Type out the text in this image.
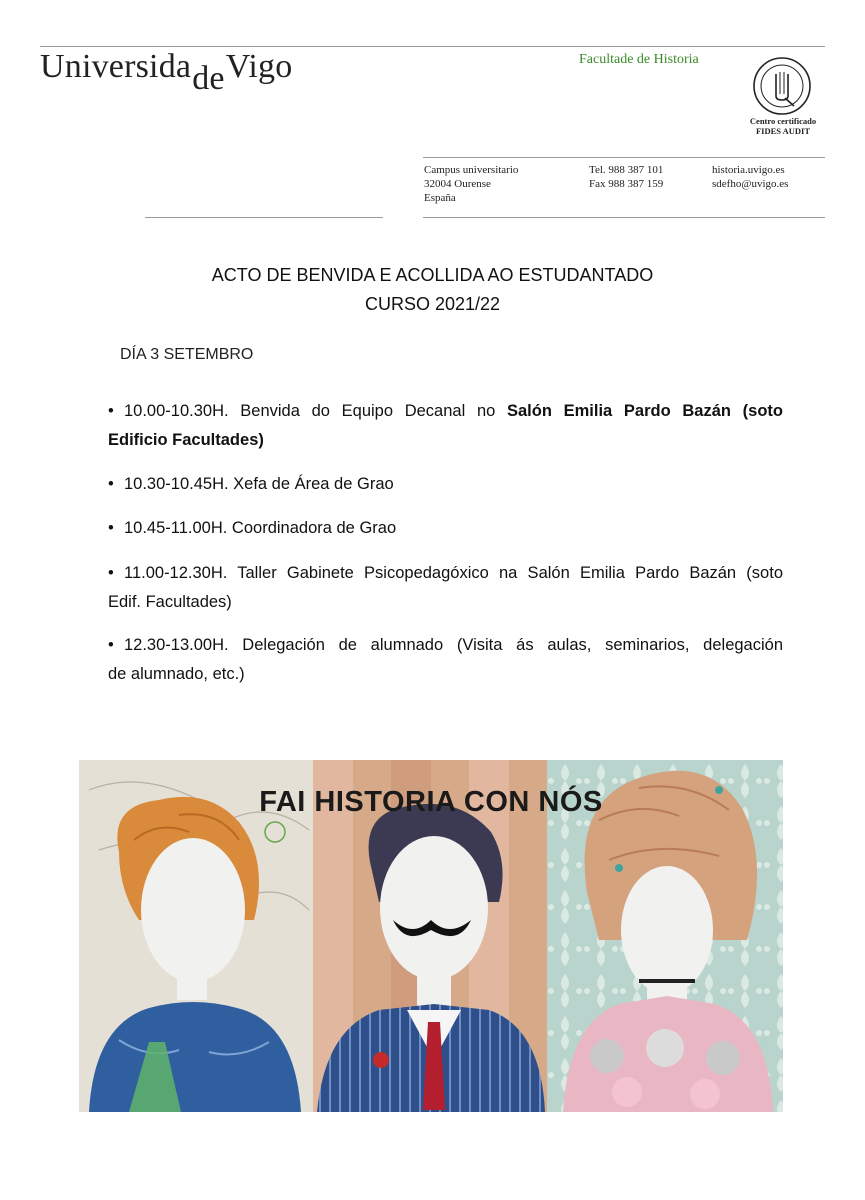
UniversidadeVigo	Facultade de Historia
Centro certificado
FIDES AUDIT
Campus universitario
32004 Ourense
España
Tel. 988 387 101
Fax 988 387 159
historia.uvigo.es
sdefho@uvigo.es
ACTO DE BENVIDA E ACOLLIDA AO ESTUDANTADO
CURSO 2021/22
DÍA 3 SETEMBRO
• 10.00-10.30H. Benvida do Equipo Decanal no Salón Emilia Pardo Bazán (soto
Edificio Facultades)
• 10.30-10.45H. Xefa de Área de Grao
• 10.45-11.00H. Coordinadora de Grao
• 11.00-12.30H. Taller Gabinete Psicopedagóxico na Salón Emilia Pardo Bazán (soto
Edif. Facultades)
• 12.30-13.00H. Delegación de alumnado (Visita ás aulas, seminarios, delegación
de alumnado, etc.)
FAI HISTORIA CON NÓS
